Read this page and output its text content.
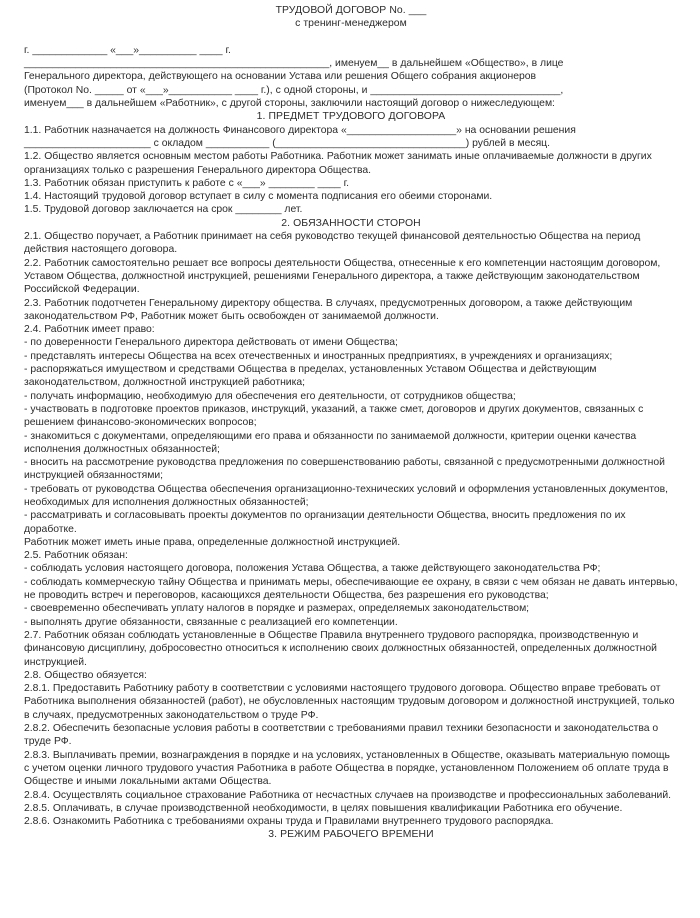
ТРУДОВОЙ ДОГОВОР No. ___
с тренинг-менеджером

г. _____________ «___»__________ ____ г.

_____________________________________________________, именуем__ в дальнейшем «Общество», в лице

Генерального директора, действующего на основании Устава или решения Общего собрания акционеров

(Протокол No. _____ от «___»___________ ____ г.), с одной стороны, и _________________________________,

именуем___ в дальнейшем «Работник», с другой стороны, заключили настоящий договор о нижеследующем:

1. ПРЕДМЕТ ТРУДОВОГО ДОГОВОРА

1.1. Работник назначается на должность Финансового директора «___________________» на основании решения ______________________ с окладом ___________ (_________________________________) рублей в месяц.

1.2. Общество является основным местом работы Работника. Работник может занимать иные оплачиваемые должности в других организациях только с разрешения Генерального директора Общества.

1.3. Работник обязан приступить к работе с «___» ________ ____ г.

1.4. Настоящий трудовой договор вступает в силу с момента подписания его обеими сторонами.

1.5. Трудовой договор заключается на срок ________ лет.

2. ОБЯЗАННОСТИ СТОРОН

2.1. Общество поручает, а Работник принимает на себя руководство текущей финансовой деятельностью Общества на период действия настоящего договора.

2.2. Работник самостоятельно решает все вопросы деятельности Общества, отнесенные к его компетенции настоящим договором, Уставом Общества, должностной инструкцией, решениями Генерального директора, а также действующим законодательством Российской Федерации.

2.3. Работник подотчетен Генеральному директору общества. В случаях, предусмотренных договором, а также действующим законодательством РФ, Работник может быть освобожден от занимаемой должности.

2.4. Работник имеет право:

- по доверенности Генерального директора действовать от имени Общества;

- представлять интересы Общества на всех отечественных и иностранных предприятиях, в учреждениях и организациях;

- распоряжаться имуществом и средствами Общества в пределах, установленных Уставом Общества и действующим законодательством, должностной инструкцией работника;

- получать информацию, необходимую для обеспечения его деятельности, от сотрудников общества;

- участвовать в подготовке проектов приказов, инструкций, указаний, а также смет, договоров и других документов, связанных с решением финансово-экономических вопросов;

- знакомиться с документами, определяющими его права и обязанности по занимаемой должности, критерии оценки качества исполнения должностных обязанностей;

- вносить на рассмотрение руководства предложения по совершенствованию работы, связанной с предусмотренными должностной инструкцией обязанностями;

- требовать от руководства Общества обеспечения организационно-технических условий и оформления установленных документов, необходимых для исполнения должностных обязанностей;

- рассматривать и согласовывать проекты документов по организации деятельности Общества, вносить предложения по их доработке.

Работник может иметь иные права, определенные должностной инструкцией.

2.5. Работник обязан:

- соблюдать условия настоящего договора, положения Устава Общества, а также действующего законодательства РФ;

- соблюдать коммерческую тайну Общества и принимать меры, обеспечивающие ее охрану, в связи с чем обязан не давать интервью, не проводить встреч и переговоров, касающихся деятельности Общества, без разрешения его руководства;

- своевременно обеспечивать уплату налогов в порядке и размерах, определяемых законодательством;

- выполнять другие обязанности, связанные с реализацией его компетенции.

2.7. Работник обязан соблюдать установленные в Обществе Правила внутреннего трудового распорядка, производственную и финансовую дисциплину, добросовестно относиться к исполнению своих должностных обязанностей, определенных должностной инструкцией.

2.8. Общество обязуется:

2.8.1. Предоставить Работнику работу в соответствии с условиями настоящего трудового договора. Общество вправе требовать от Работника выполнения обязанностей (работ), не обусловленных настоящим трудовым договором и должностной инструкцией, только в случаях, предусмотренных законодательством о труде РФ.

2.8.2. Обеспечить безопасные условия работы в соответствии с требованиями правил техники безопасности и законодательства о труде РФ.

2.8.3. Выплачивать премии, вознаграждения в порядке и на условиях, установленных в Обществе, оказывать материальную помощь с учетом оценки личного трудового участия Работника в работе Общества в порядке, установленном Положением об оплате труда в Обществе и иными локальными актами Общества.

2.8.4. Осуществлять социальное страхование Работника от несчастных случаев на производстве и профессиональных заболеваний.

2.8.5. Оплачивать, в случае производственной необходимости, в целях повышения квалификации Работника его обучение.

2.8.6. Ознакомить Работника с требованиями охраны труда и Правилами внутреннего трудового распорядка.

3. РЕЖИМ РАБОЧЕГО ВРЕМЕНИ
